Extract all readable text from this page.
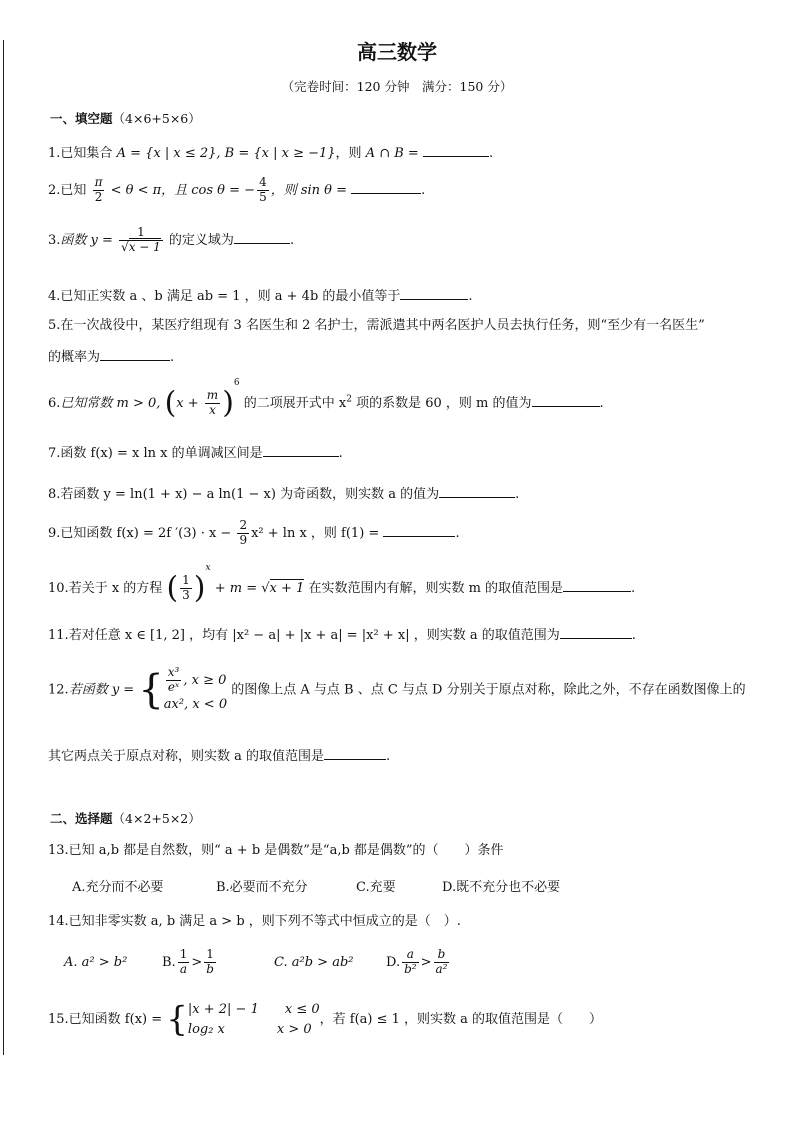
高三数学
（完卷时间：120 分钟　满分：150 分）
一、填空题（4×6+5×6）
1.已知集合 A = {x | x ≤ 2}, B = {x | x ≥ −1}，则 A ∩ B =	.
2.已知 $\frac{\pi}{2} < \theta < \pi$，且 cos θ = − $\frac{4}{5}$ ，则 sin θ =	.
3.函数 $y = \frac{1}{√x - 1}$ 的定义域为	.
4.已知正实数 a 、b 满足 ab = 1 ，则 a + 4b 的最小值等于	.
5.在一次战役中，某医疗组现有 3 名医生和 2 名护士，需派遣其中两名医护人员去执行任务，则“至少有一名医生”
的概率为	.
6.已知常数 m > 0, $(x + \frac{m}{x} )^6$ 的二项展开式中 $x^2$ 项的系数是 60 ，则 m 的值为	.
7.函数 f(x) = x ln x 的单调减区间是	.
8.若函数 y = ln(1 + x) − a ln(1 − x) 为奇函数，则实数 a 的值为	.
9.已知函数 f(x) = 2f $'(3) \cdot x - \frac{2}{9} x^2 + \ln x$ ，则 f(1) =	.
10.若关于 x 的方程 ( $\frac{1}{3} )^x + m = √x + 1$ 在实数范围内有解，则实数 m 的取值范围是	.
11.若对任意 x ∈ [1, 2] ，均有 |x² − a| + |x + a| = |x² + x| ，则实数 a 的取值范围为	.
12.若函数 y = { $\frac{\text{x³}}{\text{eˣ}}$ , x ≥ 0
ax², x < 0
的图像上点 A 与点 B 、点 C 与点 D 分别关于原点对称，除此之外，不存在函数图像上的
其它两点关于原点对称，则实数 a 的取值范围是	.
二、选择题（4×2+5×2）
13.已知 a,b 都是自然数，则“ a + b 是偶数”是“a,b 都是偶数”的（　　）条件
A.充分而不必要	B.必要而不充分	C.充要	D.既不充分也不必要
14.已知非零实数 a, b 满足 a > b ，则下列不等式中恒成立的是（　）.
A. a² > b²	B. $\frac{1}{a} > \frac{1}{b}$	C. a²b > ab²	D. $\frac{a}{\text{b²}} > \frac{b}{\text{a²}}$
15.已知函数 f(x) = { |x + 2| − 1　　x ≤ 0
log₂ x　　　　x > 0
，若 f(a) ≤ 1 ，则实数 a 的取值范围是（　　）
